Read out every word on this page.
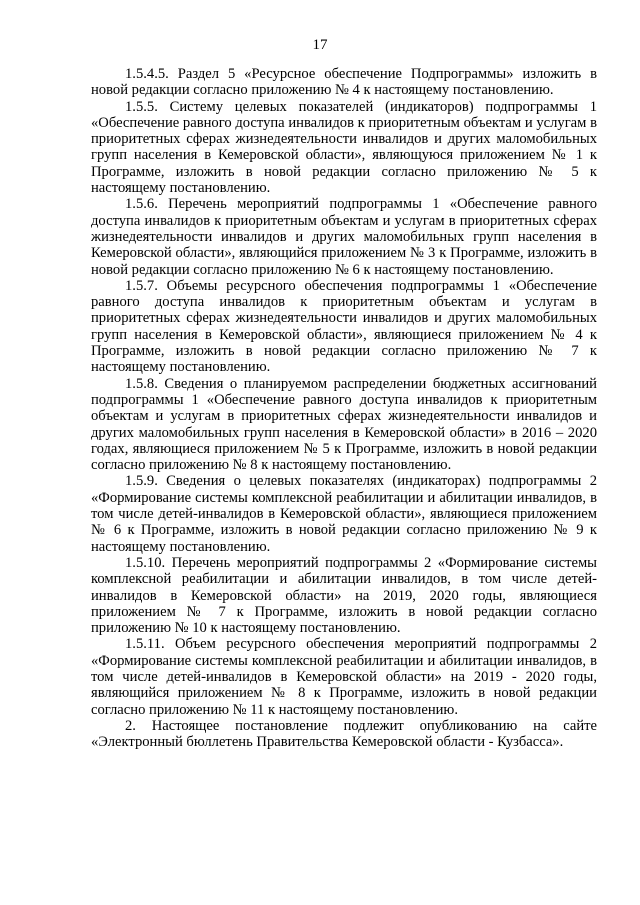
17

1.5.4.5. Раздел 5 «Ресурсное обеспечение Подпрограммы» изложить в новой редакции согласно приложению № 4 к настоящему постановлению.

1.5.5. Систему целевых показателей (индикаторов) подпрограммы 1 «Обеспечение равного доступа инвалидов к приоритетным объектам и услугам в приоритетных сферах жизнедеятельности инвалидов и других маломобильных групп населения в Кемеровской области», являющуюся приложением № 1 к Программе, изложить в новой редакции согласно приложению № 5 к настоящему постановлению.

1.5.6. Перечень мероприятий подпрограммы 1 «Обеспечение равного доступа инвалидов к приоритетным объектам и услугам в приоритетных сферах жизнедеятельности инвалидов и других маломобильных групп населения в Кемеровской области», являющийся приложением № 3 к Программе, изложить в новой редакции согласно приложению № 6 к настоящему постановлению.

1.5.7. Объемы ресурсного обеспечения подпрограммы 1 «Обеспечение равного доступа инвалидов к приоритетным объектам и услугам в приоритетных сферах жизнедеятельности инвалидов и других маломобильных групп населения в Кемеровской области», являющиеся приложением № 4 к Программе, изложить в новой редакции согласно приложению № 7 к настоящему постановлению.

1.5.8. Сведения о планируемом распределении бюджетных ассигнований подпрограммы 1 «Обеспечение равного доступа инвалидов к приоритетным объектам и услугам в приоритетных сферах жизнедеятельности инвалидов и других маломобильных групп населения в Кемеровской области» в 2016 – 2020 годах, являющиеся приложением № 5 к Программе, изложить в новой редакции согласно приложению № 8 к настоящему постановлению.

1.5.9. Сведения о целевых показателях (индикаторах) подпрограммы 2 «Формирование системы комплексной реабилитации и абилитации инвалидов, в том числе детей-инвалидов в Кемеровской области», являющиеся приложением № 6 к Программе, изложить в новой редакции согласно приложению № 9 к настоящему постановлению.

1.5.10. Перечень мероприятий подпрограммы 2 «Формирование системы комплексной реабилитации и абилитации инвалидов, в том числе детей-инвалидов в Кемеровской области» на 2019, 2020 годы, являющиеся приложением № 7 к Программе, изложить в новой редакции согласно приложению № 10 к настоящему постановлению.

1.5.11. Объем ресурсного обеспечения мероприятий подпрограммы 2 «Формирование системы комплексной реабилитации и абилитации инвалидов, в том числе детей-инвалидов в Кемеровской области» на 2019 - 2020 годы, являющийся приложением № 8 к Программе, изложить в новой редакции согласно приложению № 11 к настоящему постановлению.

2. Настоящее постановление подлежит опубликованию на сайте «Электронный бюллетень Правительства Кемеровской области - Кузбасса».
